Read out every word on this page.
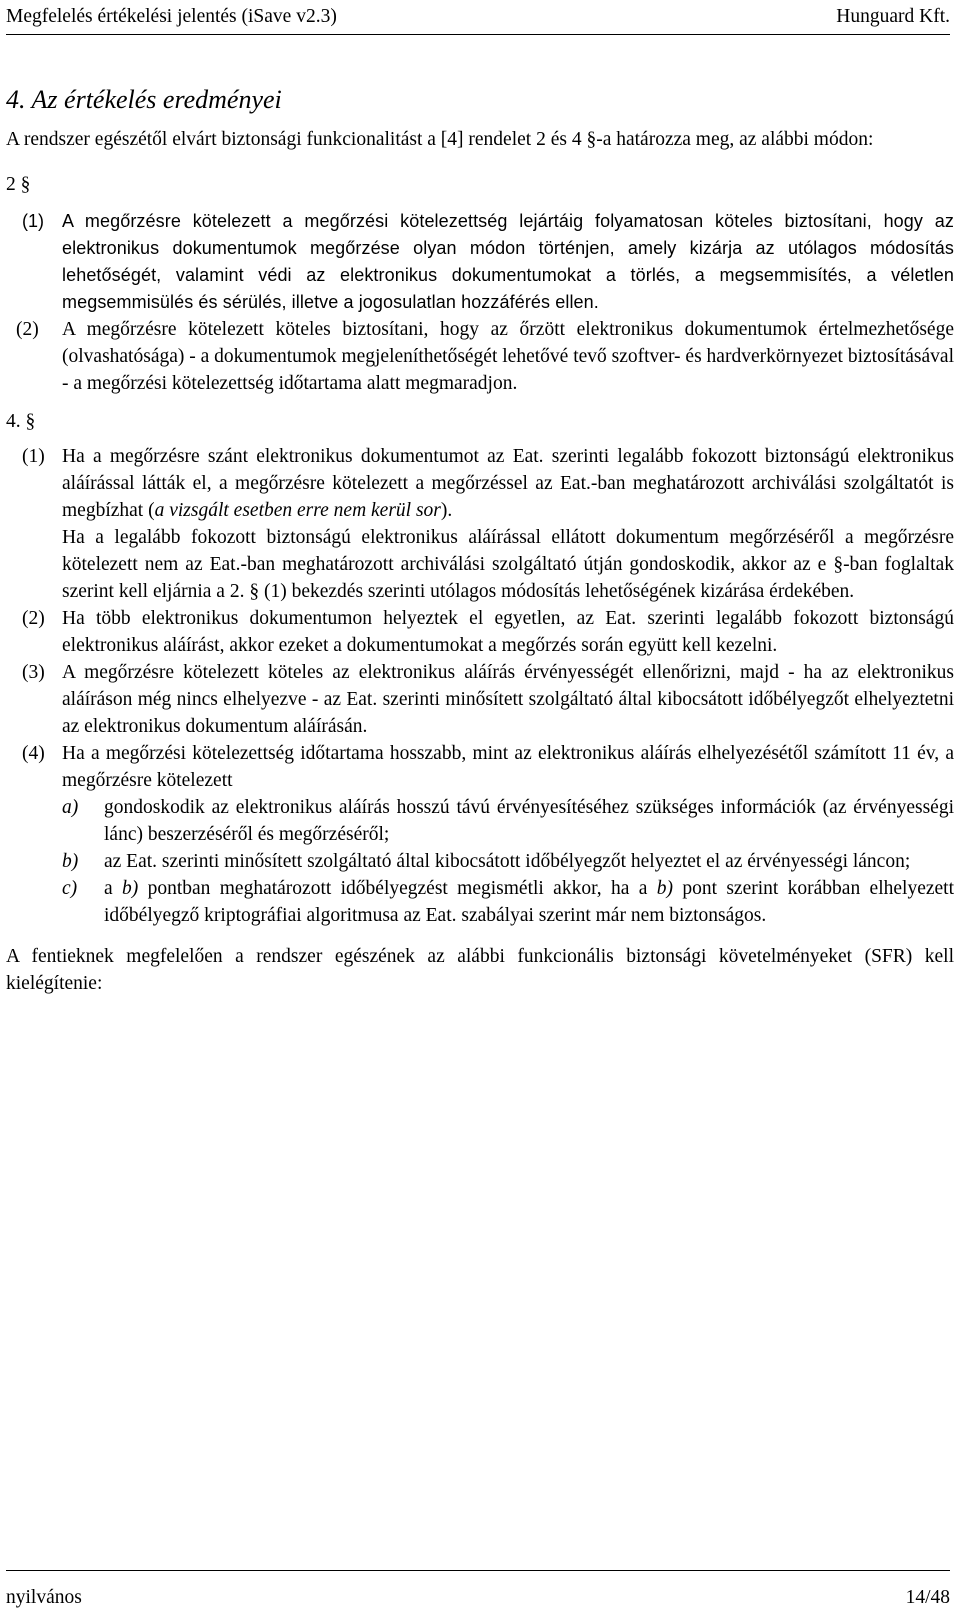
Megfelelés értékelési jelentés (iSave v2.3)	Hunguard Kft.
4. Az értékelés eredményei

A rendszer egészétől elvárt biztonsági funkcionalitást a [4] rendelet 2 és 4 §-a határozza meg, az alábbi módon:

2 §
(1)	A megőrzésre kötelezett a megőrzési kötelezettség lejártáig folyamatosan köteles biztosítani, hogy az elektronikus dokumentumok megőrzése olyan módon történjen, amely kizárja az utólagos módosítás lehetőségét, valamint védi az elektronikus dokumentumokat a törlés, a megsemmisítés, a véletlen megsemmisülés és sérülés, illetve a jogosulatlan hozzáférés ellen.
(2)	A megőrzésre kötelezett köteles biztosítani, hogy az őrzött elektronikus dokumentumok értelmezhetősége (olvashatósága) - a dokumentumok megjeleníthetőségét lehetővé tevő szoftver- és hardverkörnyezet biztosításával - a megőrzési kötelezettség időtartama alatt megmaradjon.
4. §
(1) Ha a megőrzésre szánt elektronikus dokumentumot az Eat. szerinti legalább fokozott biztonságú elektronikus aláírással látták el, a megőrzésre kötelezett a megőrzéssel az Eat.-ban meghatározott archiválási szolgáltatót is megbízhat (a vizsgált esetben erre nem kerül sor).
Ha a legalább fokozott biztonságú elektronikus aláírással ellátott dokumentum megőrzéséről a megőrzésre kötelezett nem az Eat.-ban meghatározott archiválási szolgáltató útján gondoskodik, akkor az e §-ban foglaltak szerint kell eljárnia a 2. § (1) bekezdés szerinti utólagos módosítás lehetőségének kizárása érdekében.
(2) Ha több elektronikus dokumentumon helyeztek el egyetlen, az Eat. szerinti legalább fokozott biztonságú elektronikus aláírást, akkor ezeket a dokumentumokat a megőrzés során együtt kell kezelni.
(3) A megőrzésre kötelezett köteles az elektronikus aláírás érvényességét ellenőrizni, majd - ha az elektronikus aláíráson még nincs elhelyezve - az Eat. szerinti minősített szolgáltató által kibocsátott időbélyegzőt elhelyeztetni az elektronikus dokumentum aláírásán.
(4) Ha a megőrzési kötelezettség időtartama hosszabb, mint az elektronikus aláírás elhelyezésétől számított 11 év, a megőrzésre kötelezett
a)	gondoskodik az elektronikus aláírás hosszú távú érvényesítéséhez szükséges információk (az érvényességi lánc) beszerzéséről és megőrzéséről;
b)	az Eat. szerinti minősített szolgáltató által kibocsátott időbélyegzőt helyeztet el az érvényességi láncon;
c)	a b) pontban meghatározott időbélyegzést megismétli akkor, ha a b) pont szerint korábban elhelyezett időbélyegző kriptográfiai algoritmusa az Eat. szabályai szerint már nem biztonságos.

A fentieknek megfelelően a rendszer egészének az alábbi funkcionális biztonsági követelményeket (SFR) kell kielégítenie:

nyilvános	14/48
